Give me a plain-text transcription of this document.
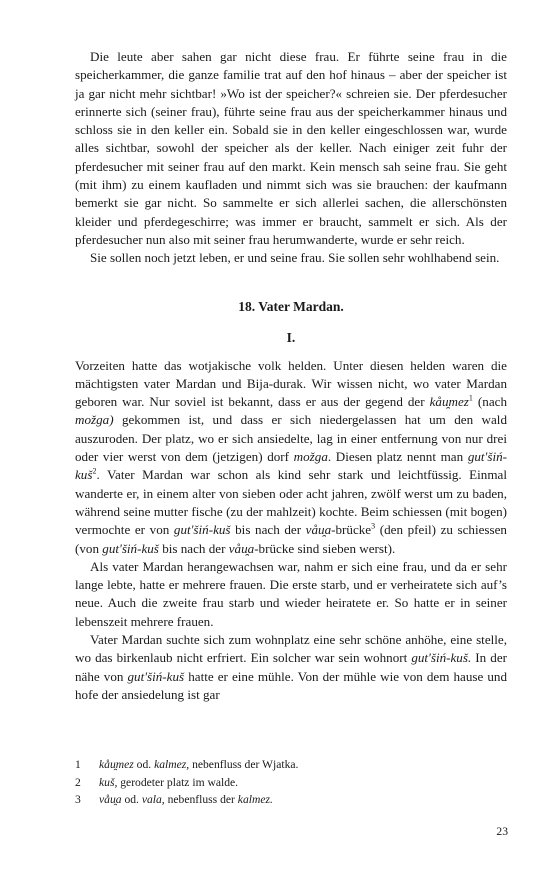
Die leute aber sahen gar nicht diese frau. Er führte seine frau in die speicherkammer, die ganze familie trat auf den hof hinaus – aber der speicher ist ja gar nicht mehr sichtbar! »Wo ist der speicher?« schreien sie. Der pferdesucher erinnerte sich (seiner frau), führte seine frau aus der speicherkammer hinaus und schloss sie in den keller ein. Sobald sie in den keller eingeschlossen war, wurde alles sichtbar, sowohl der speicher als der keller. Nach einiger zeit fuhr der pferdesucher mit seiner frau auf den markt. Kein mensch sah seine frau. Sie geht (mit ihm) zu einem kaufladen und nimmt sich was sie brauchen: der kaufmann bemerkt sie gar nicht. So sammelte er sich allerlei sachen, die allerschönsten kleider und pferdegeschirre; was immer er braucht, sammelt er sich. Als der pferdesucher nun also mit seiner frau herumwanderte, wurde er sehr reich.

Sie sollen noch jetzt leben, er und seine frau. Sie sollen sehr wohlhabend sein.

18. Vater Mardan.
I.

Vorzeiten hatte das wotjakische volk helden. Unter diesen helden waren die mächtigsten vater Mardan und Bija-durak. Wir wissen nicht, wo vater Mardan geboren war. Nur soviel ist bekannt, dass er aus der gegend der kåu̯mez$^1$ (nach možga) gekommen ist, und dass er sich niedergelassen hat um den wald auszuroden. Der platz, wo er sich ansiedelte, lag in einer entfernung von nur drei oder vier werst von dem (jetzigen) dorf možga. Diesen platz nennt man gutʹšiń-kuš$^2$. Vater Mardan war schon als kind sehr stark und leichtfüssig. Einmal wanderte er, in einem alter von sieben oder acht jahren, zwölf werst um zu baden, während seine mutter fische (zu der mahlzeit) kochte. Beim schiessen (mit bogen) vermochte er von gutʹšiń-kuš bis nach der våu̯a-brücke$^3$ (den pfeil) zu schiessen (von gutʹšiń-kuš bis nach der våu̯a-brücke sind sieben werst).

Als vater Mardan herangewachsen war, nahm er sich eine frau, und da er sehr lange lebte, hatte er mehrere frauen. Die erste starb, und er verheiratete sich auf’s neue. Auch die zweite frau starb und wieder heiratete er. So hatte er in seiner lebenszeit mehrere frauen.

Vater Mardan suchte sich zum wohnplatz eine sehr schöne anhöhe, eine stelle, wo das birkenlaub nicht erfriert. Ein solcher war sein wohnort gutʹšiń-kuš. In der nähe von gutʹšiń-kuš hatte er eine mühle. Von der mühle wie von dem hause und hofe der ansiedelung ist gar

1 kåu̯mez od. kalmez, nebenfluss der Wjatka.
2 kuš, gerodeter platz im walde.
3 våu̯a od. vala, nebenfluss der kalmez.
23
